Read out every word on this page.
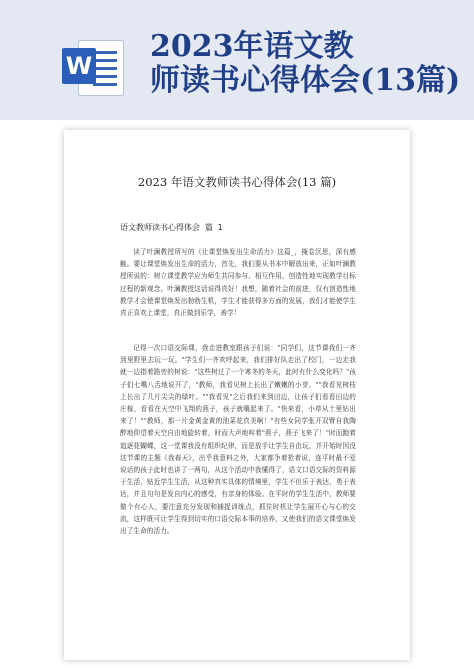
W
2023年语文教
师读书心得体会(13篇)
2023 年语文教师读书心得体会(13 篇)
语文教师读书心得体会 篇 1

读了叶澜教授所写的《让课堂焕发出生命活力》这篇_，掩卷沉思，深有感触。要让课堂焕发出生命的活力，首先，我们要从书本中解放出来，正如叶澜教授所说的：树立课堂教学应为师生共同参与、相互作用、创造性地实现教学目标过程的新观念。叶澜教授这话说得真好！我想，随着社会的前进，仅有创造性地教学才会使课堂焕发出勃勃生机，学生才能获得多方面的发展，我们才能使学生真正喜欢上课堂，真正做到乐学，善学！

记得一次口语交际课，我走进教室跟孩子们说："同学们，这节课我们一齐到里野里去玩一玩。"学生们一齐欢呼起来，我们排好队走出了校门，一边走我就一边指着路旁的树说："这些树过了一个寒冬的冬天，此时有什么变化吗？"孩子们七嘴八舌地说开了，"教师，我看见树上长出了嫩嫩的小芽。""我看见树枝上长出了几片尖尖的绿叶。""我看见"之后我们来到田边，让孩子们看看田边的庄稼，看看在天空中飞翔的燕子，孩子就嚷起来了。"快来看，小草从土里钻出来了！""教师，那一片金黄金黄的油菜花真美啊！"有些女同学张开双臂自我陶醉地仰望着天空自由地旋转着，时而大声地叫着"燕子，燕子飞来了！"时而跑着追逐花蝴蝶，这一堂课我没有组织纪律，而是放手让学生自由玩，并开始时因没这节课的主题《我春天》，出乎我意料之外，大家都争着抢着说，连平时最不爱说话的孩子此时也讲了一两句，从这个活动中我懂得了，语文口语交际的资料源于生活，贴近学生生活，从这种真实具体的情境里，学生不但乐于表达，勇于表达，并且句句是发自内心的感受，有亲身的体验。在平时的学生生活中，教师要做个有心人，要注意充分发现和捕捉训练点，抓住时机让学生展开心与心的交流，这样既可让学生得到切实的口语交际本事的培养，又使我们的语文课堂焕发出了生命的活力。
